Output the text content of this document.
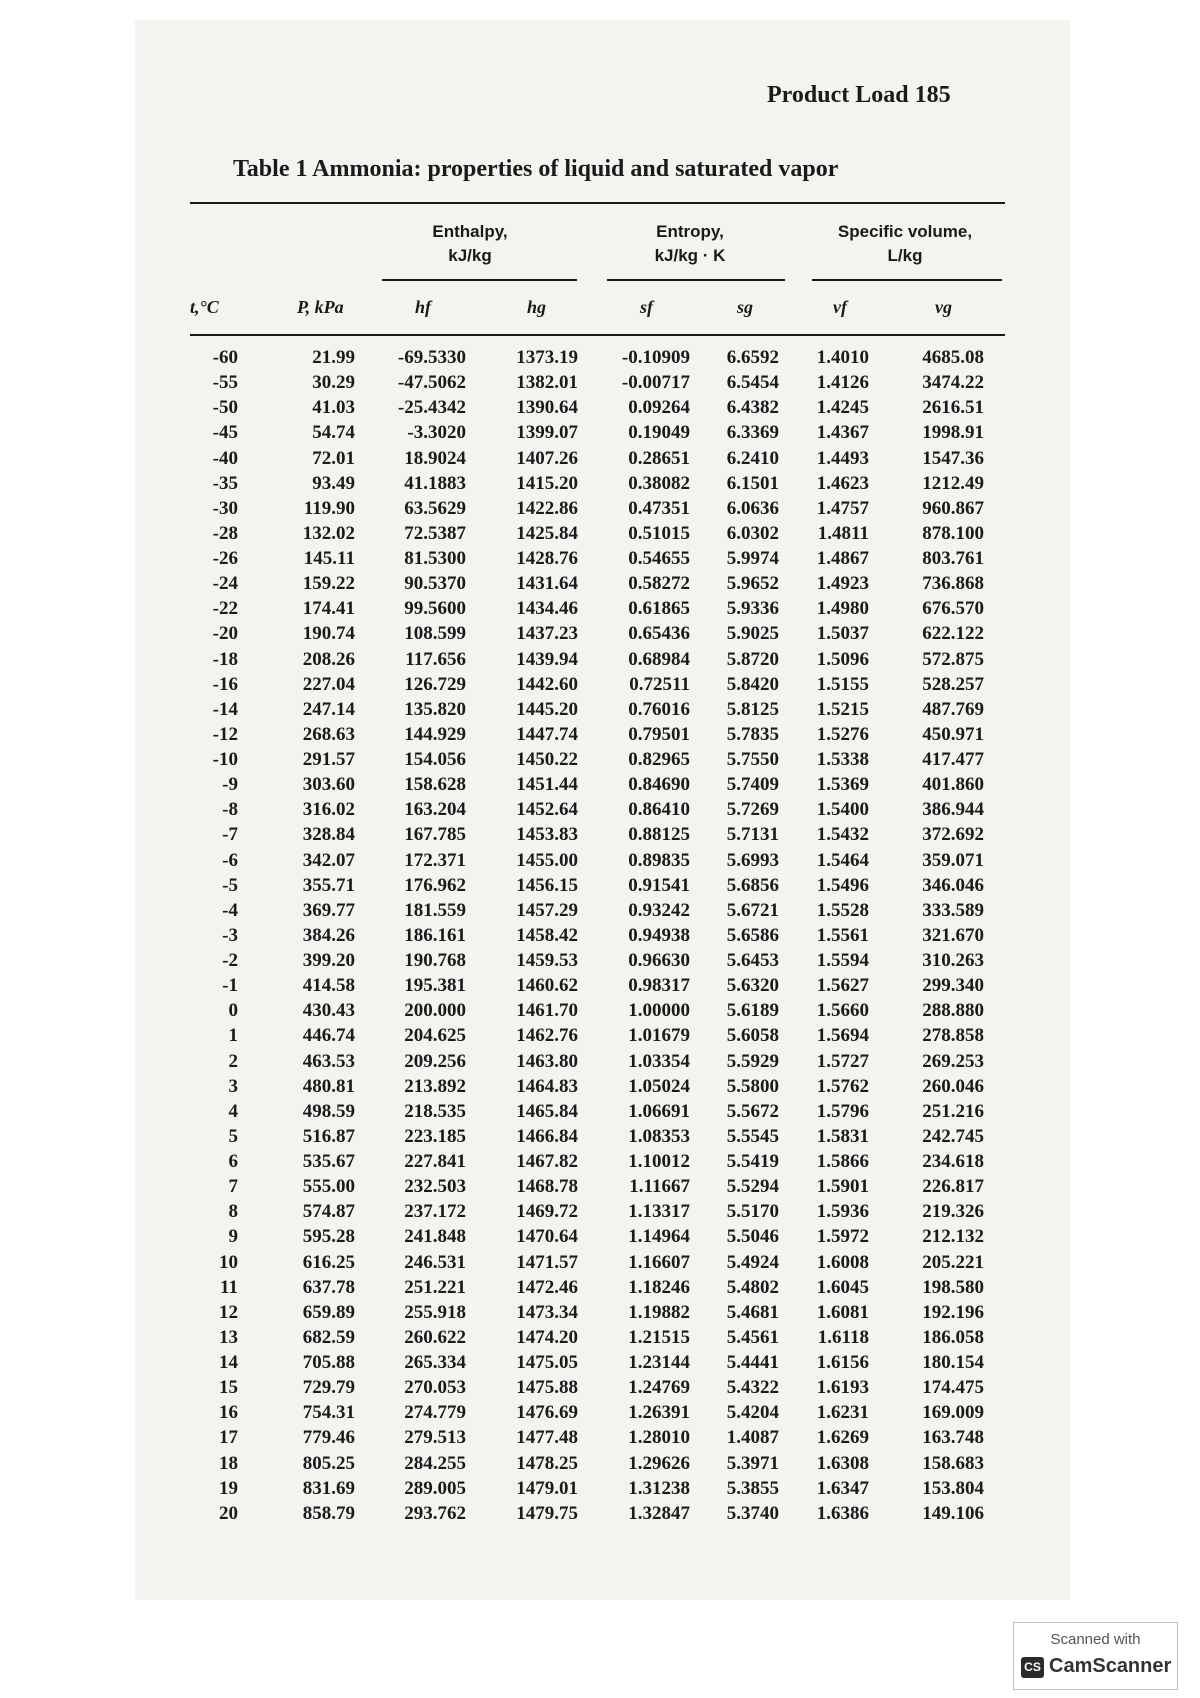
Product Load 185
Table 1 Ammonia: properties of liquid and saturated vapor
Enthalpy,
kJ/kg
Entropy,
kJ/kg · K
Specific volume,
L/kg
t,°C	P, kPa	hf	hg	sf	sg	vf	vg
-60	21.99	-69.5330	1373.19	-0.10909	6.6592	1.4010	4685.08
-55	30.29	-47.5062	1382.01	-0.00717	6.5454	1.4126	3474.22
-50	41.03	-25.4342	1390.64	0.09264	6.4382	1.4245	2616.51
-45	54.74	-3.3020	1399.07	0.19049	6.3369	1.4367	1998.91
-40	72.01	18.9024	1407.26	0.28651	6.2410	1.4493	1547.36
-35	93.49	41.1883	1415.20	0.38082	6.1501	1.4623	1212.49
-30	119.90	63.5629	1422.86	0.47351	6.0636	1.4757	960.867
-28	132.02	72.5387	1425.84	0.51015	6.0302	1.4811	878.100
-26	145.11	81.5300	1428.76	0.54655	5.9974	1.4867	803.761
-24	159.22	90.5370	1431.64	0.58272	5.9652	1.4923	736.868
-22	174.41	99.5600	1434.46	0.61865	5.9336	1.4980	676.570
-20	190.74	108.599	1437.23	0.65436	5.9025	1.5037	622.122
-18	208.26	117.656	1439.94	0.68984	5.8720	1.5096	572.875
-16	227.04	126.729	1442.60	0.72511	5.8420	1.5155	528.257
-14	247.14	135.820	1445.20	0.76016	5.8125	1.5215	487.769
-12	268.63	144.929	1447.74	0.79501	5.7835	1.5276	450.971
-10	291.57	154.056	1450.22	0.82965	5.7550	1.5338	417.477
-9	303.60	158.628	1451.44	0.84690	5.7409	1.5369	401.860
-8	316.02	163.204	1452.64	0.86410	5.7269	1.5400	386.944
-7	328.84	167.785	1453.83	0.88125	5.7131	1.5432	372.692
-6	342.07	172.371	1455.00	0.89835	5.6993	1.5464	359.071
-5	355.71	176.962	1456.15	0.91541	5.6856	1.5496	346.046
-4	369.77	181.559	1457.29	0.93242	5.6721	1.5528	333.589
-3	384.26	186.161	1458.42	0.94938	5.6586	1.5561	321.670
-2	399.20	190.768	1459.53	0.96630	5.6453	1.5594	310.263
-1	414.58	195.381	1460.62	0.98317	5.6320	1.5627	299.340
0	430.43	200.000	1461.70	1.00000	5.6189	1.5660	288.880
1	446.74	204.625	1462.76	1.01679	5.6058	1.5694	278.858
2	463.53	209.256	1463.80	1.03354	5.5929	1.5727	269.253
3	480.81	213.892	1464.83	1.05024	5.5800	1.5762	260.046
4	498.59	218.535	1465.84	1.06691	5.5672	1.5796	251.216
5	516.87	223.185	1466.84	1.08353	5.5545	1.5831	242.745
6	535.67	227.841	1467.82	1.10012	5.5419	1.5866	234.618
7	555.00	232.503	1468.78	1.11667	5.5294	1.5901	226.817
8	574.87	237.172	1469.72	1.13317	5.5170	1.5936	219.326
9	595.28	241.848	1470.64	1.14964	5.5046	1.5972	212.132
10	616.25	246.531	1471.57	1.16607	5.4924	1.6008	205.221
11	637.78	251.221	1472.46	1.18246	5.4802	1.6045	198.580
12	659.89	255.918	1473.34	1.19882	5.4681	1.6081	192.196
13	682.59	260.622	1474.20	1.21515	5.4561	1.6118	186.058
14	705.88	265.334	1475.05	1.23144	5.4441	1.6156	180.154
15	729.79	270.053	1475.88	1.24769	5.4322	1.6193	174.475
16	754.31	274.779	1476.69	1.26391	5.4204	1.6231	169.009
17	779.46	279.513	1477.48	1.28010	1.4087	1.6269	163.748
18	805.25	284.255	1478.25	1.29626	5.3971	1.6308	158.683
19	831.69	289.005	1479.01	1.31238	5.3855	1.6347	153.804
20	858.79	293.762	1479.75	1.32847	5.3740	1.6386	149.106
Scanned with
CS CamScanner
